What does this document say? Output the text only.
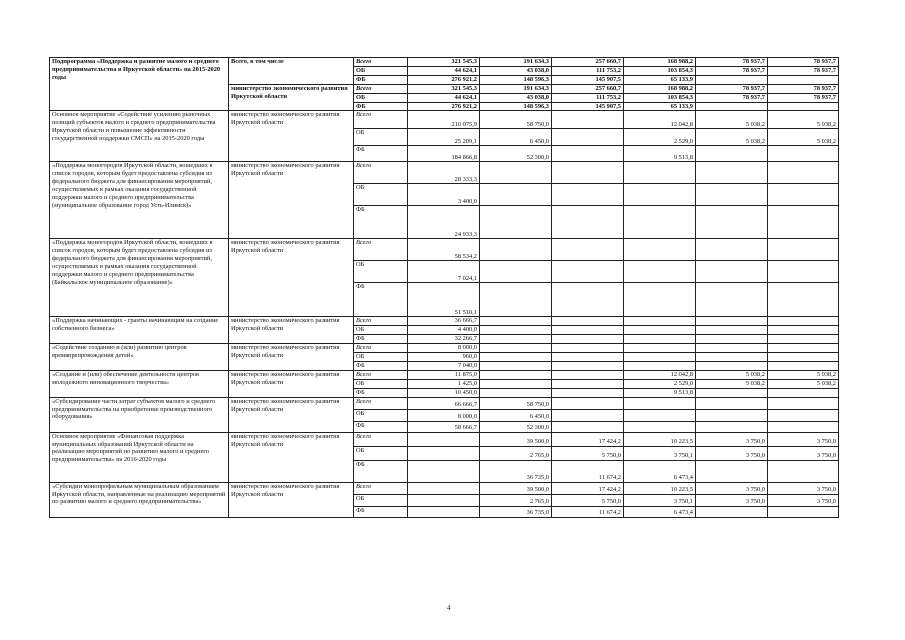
Подпрограмма «Поддержка и развитие малого и среднего предпринимательства в Иркутской области» на 2015-2020 годы	Всего, в том числе	Всего	321 545,3	191 634,3	257 660,7	168 988,2	78 937,7	78 937,7
		ОБ	44 624,1	43 038,0	111 753,2	103 854,3	78 937,7	78 937,7
		ФБ	276 921,2	148 596,3	145 907,5	65 133,9		
	министерство экономического развития Иркутской области	Всего	321 545,3	191 634,3	257 660,7	168 988,2	78 937,7	78 937,7
		ОБ	44 624,1	43 038,0	111 753,2	103 854,3	78 937,7	78 937,7
		ФБ	276 921,2	148 596,3	145 907,5	65 133,9		
Основное мероприятие «Содействие усилению рыночных позиций субъектов малого и среднего предпринимательства Иркутской области и повышение эффективности государственной поддержки СМСП» на 2015-2020 годы	министерство экономического развития Иркутской области	Всего	210 075,9	58 750,0		12 042,8	5 038,2	5 038,2
		ОБ	25 209,1	6 450,0		2 529,0	5 038,2	5 038,2
		ФБ	184 866,8	52 300,0		9 513,8		
«Поддержка моногородов Иркутской области, вошедших в список городов, которым будет предоставлена субсидия из федерального бюджета для финансирования мероприятий, осуществляемых в рамках оказания государственной поддержки малого и среднего предпринимательства (муниципальное образование город Усть-Илимск)»	министерство экономического развития Иркутской области	Всего	28 333,3					
		ОБ	3 400,0					
		ФБ	24 933,3					
«Поддержка моногородов Иркутской области, вошедших в список городов, которым будет предоставлена субсидия из федерального бюджета для финансирования мероприятий, осуществляемых в рамках оказания государственной поддержки малого и среднего предпринимательства (Байкальское муниципальное образование)»	министерство экономического развития Иркутской области	Всего	58 534,2					
		ОБ	7 024,1					
		ФБ	51 510,1					
«Поддержка начинающих - гранты начинающим на создание собственного бизнеса»	министерство экономического развития Иркутской области	Всего	36 666,7					
		ОБ	4 400,0					
		ФБ	32 266,7					
«Содействие созданию и (или) развитию центров времяпрепровождения детей»	министерство экономического развития Иркутской области	Всего	8 000,0					
		ОБ	960,0					
		ФБ	7 040,0					
«Создание и (или) обеспечение деятельности центров молодежного инновационного творчества»	министерство экономического развития Иркутской области	Всего	11 875,0			12 042,8	5 038,2	5 038,2
		ОБ	1 425,0			2 529,0	5 038,2	5 038,2
		ФБ	10 450,0			9 513,8		
«Субсидирование части затрат субъектов малого и среднего предпринимательства на приобретение производственного оборудования»	министерство экономического развития Иркутской области	Всего	66 666,7	58 750,0				
		ОБ	8 000,0	6 450,0				
		ФБ	58 666,7	52 300,0				
Основное мероприятие «Финансовая поддержка муниципальных образований Иркутской области на реализацию мероприятий по развитию малого и среднего предпринимательства» на 2016-2020 годы	министерство экономического развития Иркутской области	Всего		39 500,0	17 424,2	10 223,5	3 750,0	3 750,0
		ОБ		2 765,0	5 750,0	3 750,1	3 750,0	3 750,0
		ФБ		36 735,0	11 674,2	6 473,4		
«Субсидии монопрофильным муниципальным образованиям Иркутской области, направленные на реализацию мероприятий по развитию малого и среднего предпринимательства»	министерство экономического развития Иркутской области	Всего		39 500,0	17 424,2	10 223,5	3 750,0	3 750,0
		ОБ		2 765,0	5 750,0	3 750,1	3 750,0	3 750,0
		ФБ		36 735,0	11 674,2	6 473,4		
4
